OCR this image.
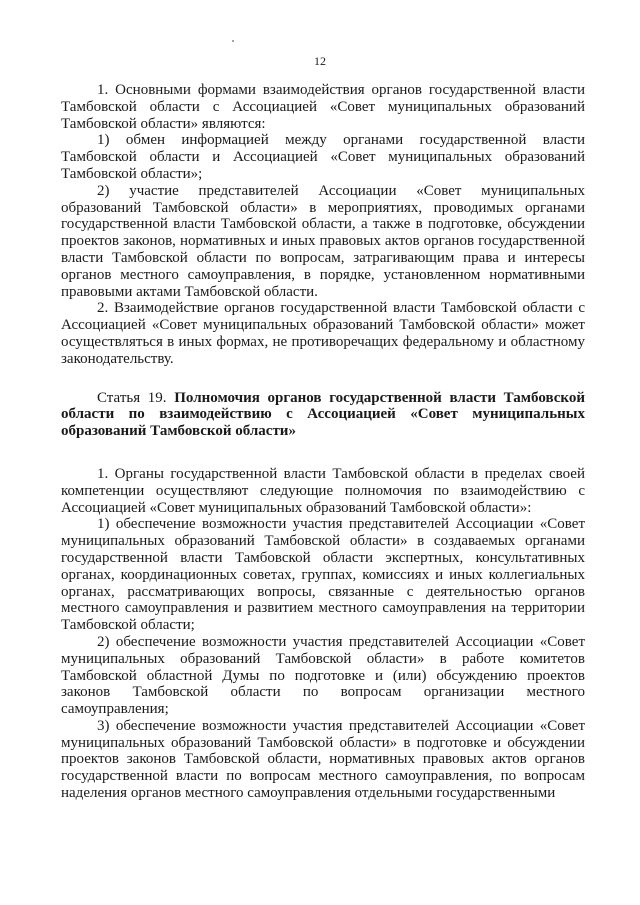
12

1. Основными формами взаимодействия органов государственной власти Тамбовской области с Ассоциацией «Совет муниципальных образований Тамбовской области» являются:

1) обмен информацией между органами государственной власти Тамбовской области и Ассоциацией «Совет муниципальных образований Тамбовской области»;

2) участие представителей Ассоциации «Совет муниципальных образований Тамбовской области» в мероприятиях, проводимых органами государственной власти Тамбовской области, а также в подготовке, обсуждении проектов законов, нормативных и иных правовых актов органов государственной власти Тамбовской области по вопросам, затрагивающим права и интересы органов местного самоуправления, в порядке, установленном нормативными правовыми актами Тамбовской области.

2. Взаимодействие органов государственной власти Тамбовской области с Ассоциацией «Совет муниципальных образований Тамбовской области» может осуществляться в иных формах, не противоречащих федеральному и областному законодательству.

Статья 19. Полномочия органов государственной власти Тамбовской области по взаимодействию с Ассоциацией «Совет муниципальных образований Тамбовской области»

1. Органы государственной власти Тамбовской области в пределах своей компетенции осуществляют следующие полномочия по взаимодействию с Ассоциацией «Совет муниципальных образований Тамбовской области»:

1) обеспечение возможности участия представителей Ассоциации «Совет муниципальных образований Тамбовской области» в создаваемых органами государственной власти Тамбовской области экспертных, консультативных органах, координационных советах, группах, комиссиях и иных коллегиальных органах, рассматривающих вопросы, связанные с деятельностью органов местного самоуправления и развитием местного самоуправления на территории Тамбовской области;

2) обеспечение возможности участия представителей Ассоциации «Совет муниципальных образований Тамбовской области» в работе комитетов Тамбовской областной Думы по подготовке и (или) обсуждению проектов законов Тамбовской области по вопросам организации местного самоуправления;

3) обеспечение возможности участия представителей Ассоциации «Совет муниципальных образований Тамбовской области» в подготовке и обсуждении проектов законов Тамбовской области, нормативных правовых актов органов государственной власти по вопросам местного самоуправления, по вопросам наделения органов местного самоуправления отдельными государственными
